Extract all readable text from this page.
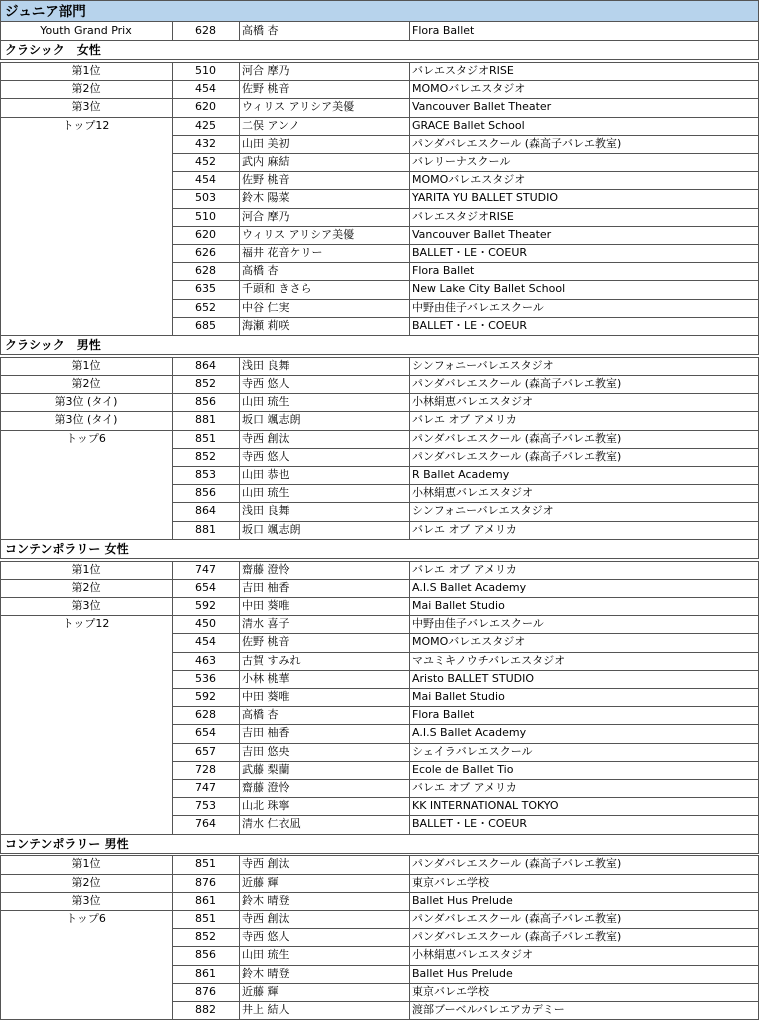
ジュニア部門
Youth Grand Prix	628	高橋 杏	Flora Ballet
クラシック　女性
第1位	510	河合 摩乃	バレエスタジオRISE
第2位	454	佐野 桃音	MOMOバレエスタジオ
第3位	620	ウィリス アリシア美優	Vancouver Ballet Theater
トップ12	425	二俣 アンノ	GRACE Ballet School
432	山田 美初	パンダバレエスクール (森高子バレエ教室)
452	武内 麻結	バレリーナスクール
454	佐野 桃音	MOMOバレエスタジオ
503	鈴木 陽菜	YARITA YU BALLET STUDIO
510	河合 摩乃	バレエスタジオRISE
620	ウィリス アリシア美優	Vancouver Ballet Theater
626	福井 花音ケリー	BALLET・LE・COEUR
628	高橋 杏	Flora Ballet
635	千頭和 きさら	New Lake City Ballet School
652	中谷 仁実	中野由佳子バレエスクール
685	海瀬 莉咲	BALLET・LE・COEUR
クラシック　男性
第1位	864	浅田 良舞	シンフォニーバレエスタジオ
第2位	852	寺西 悠人	パンダバレエスクール (森高子バレエ教室)
第3位 (タイ)	856	山田 琉生	小林絹恵バレエスタジオ
第3位 (タイ)	881	坂口 颯志朗	バレエ オブ アメリカ
トップ6	851	寺西 創汰	パンダバレエスクール (森高子バレエ教室)
852	寺西 悠人	パンダバレエスクール (森高子バレエ教室)
853	山田 恭也	R Ballet Academy
856	山田 琉生	小林絹恵バレエスタジオ
864	浅田 良舞	シンフォニーバレエスタジオ
881	坂口 颯志朗	バレエ オブ アメリカ
コンテンポラリー 女性
第1位	747	齋藤 澄怜	バレエ オブ アメリカ
第2位	654	吉田 柚香	A.I.S Ballet Academy
第3位	592	中田 葵唯	Mai Ballet Studio
トップ12	450	清水 喜子	中野由佳子バレエスクール
454	佐野 桃音	MOMOバレエスタジオ
463	古賀 すみれ	マユミキノウチバレエスタジオ
536	小林 桃華	Aristo BALLET STUDIO
592	中田 葵唯	Mai Ballet Studio
628	高橋 杏	Flora Ballet
654	吉田 柚香	A.I.S Ballet Academy
657	吉田 悠央	シェイラバレエスクール
728	武藤 梨蘭	Ecole de Ballet Tio
747	齋藤 澄怜	バレエ オブ アメリカ
753	山北 珠寧	KK INTERNATIONAL TOKYO
764	清水 仁衣凪	BALLET・LE・COEUR
コンテンポラリー 男性
第1位	851	寺西 創汰	パンダバレエスクール (森高子バレエ教室)
第2位	876	近藤 輝	東京バレエ学校
第3位	861	鈴木 晴登	Ballet Hus Prelude
トップ6	851	寺西 創汰	パンダバレエスクール (森高子バレエ教室)
852	寺西 悠人	パンダバレエスクール (森高子バレエ教室)
856	山田 琉生	小林絹恵バレエスタジオ
861	鈴木 晴登	Ballet Hus Prelude
876	近藤 輝	東京バレエ学校
882	井上 結人	渡部ブーベルバレエアカデミー
